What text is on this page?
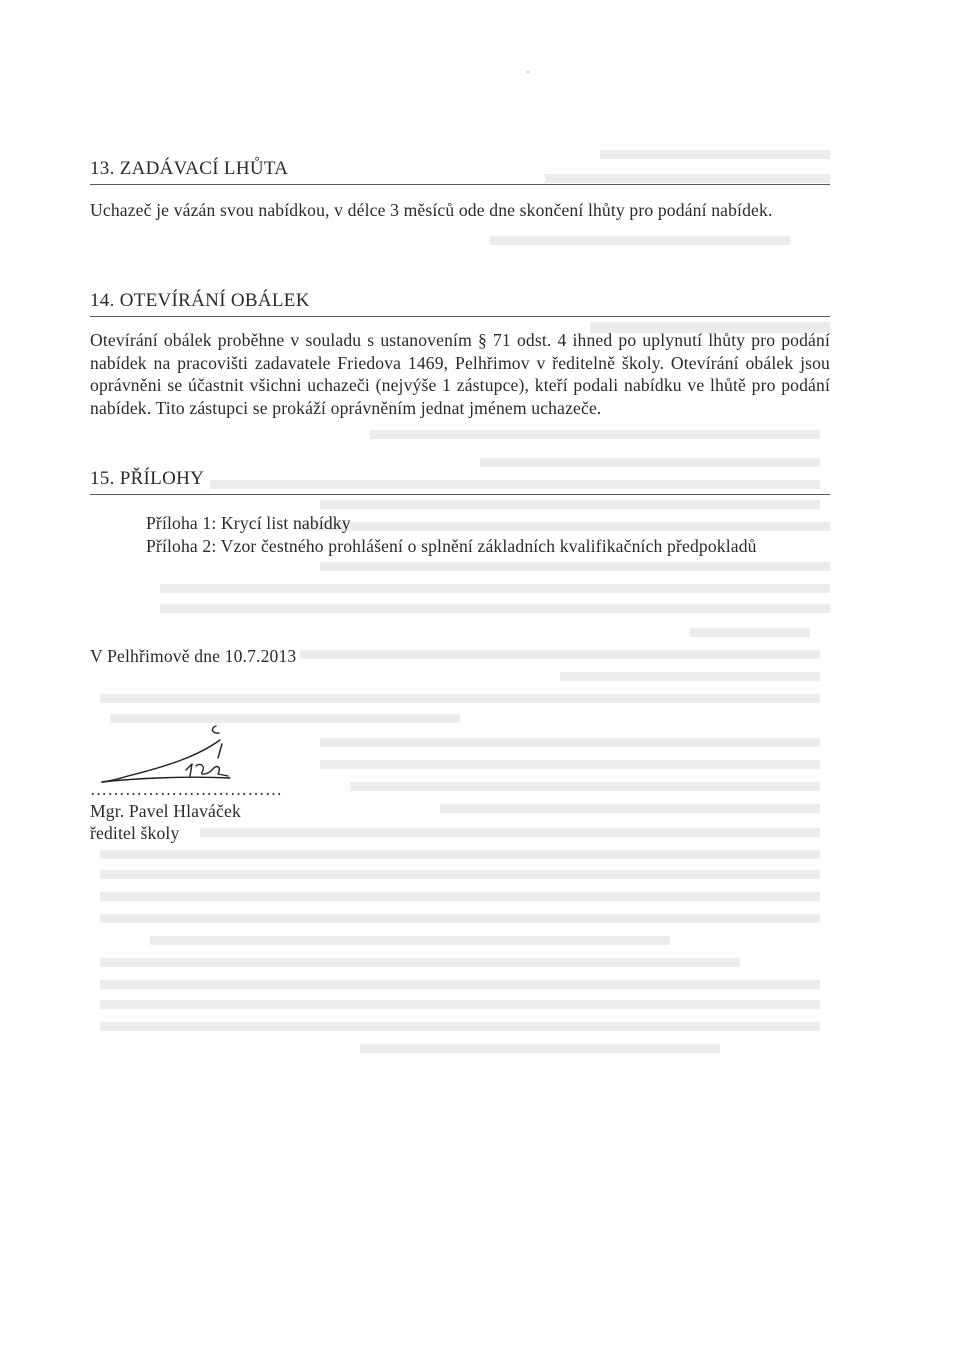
13. ZADÁVACÍ LHŮTA

Uchazeč je vázán svou nabídkou, v délce 3 měsíců ode dne skončení lhůty pro podání nabídek.

14. OTEVÍRÁNÍ OBÁLEK

Otevírání obálek proběhne v souladu s ustanovením § 71 odst. 4 ihned po uplynutí lhůty pro podání nabídek na pracovišti zadavatele Friedova 1469, Pelhřimov v ředitelně školy. Otevírání obálek jsou oprávněni se účastnit všichni uchazeči (nejvýše 1 zástupce), kteří podali nabídku ve lhůtě pro podání nabídek. Tito zástupci se prokáží oprávněním jednat jménem uchazeče.

15. PŘÍLOHY

Příloha 1: Krycí list nabídky

Příloha 2: Vzor čestného prohlášení o splnění základních kvalifikačních předpokladů

V Pelhřimově dne 10.7.2013
……………………………
Mgr. Pavel Hlaváček
ředitel školy
